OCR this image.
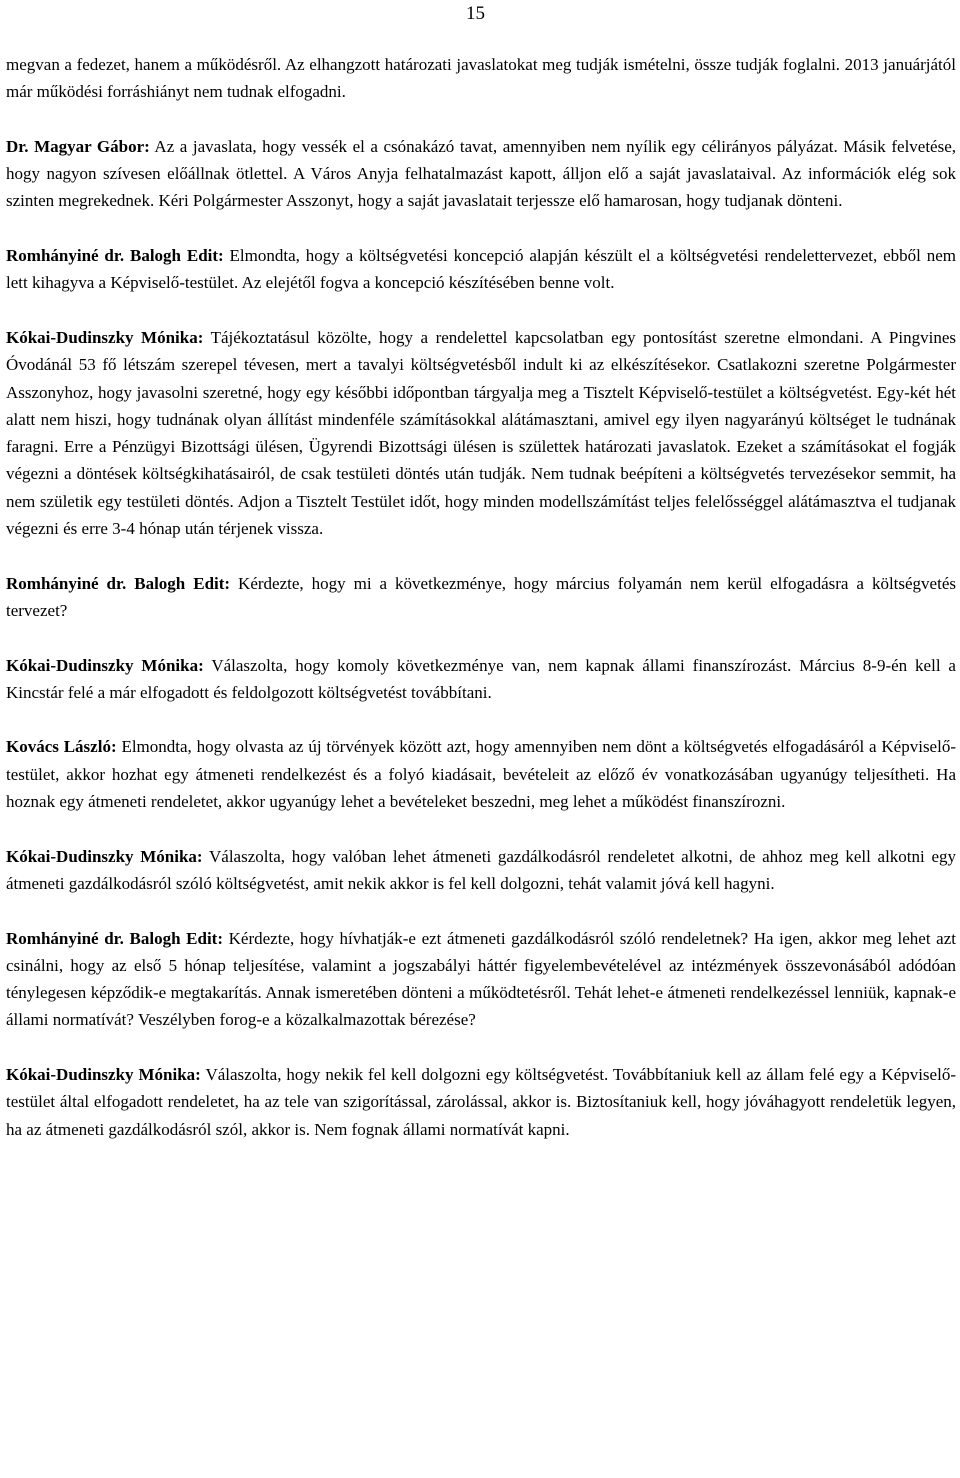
15

megvan a fedezet, hanem a működésről. Az elhangzott határozati javaslatokat meg tudják ismételni, össze tudják foglalni. 2013 januárjától már működési forráshiányt nem tudnak elfogadni.

Dr. Magyar Gábor: Az a javaslata, hogy vessék el a csónakázó tavat, amennyiben nem nyílik egy célirányos pályázat. Másik felvetése, hogy nagyon szívesen előállnak ötlettel. A Város Anyja felhatalmazást kapott, álljon elő a saját javaslataival. Az információk elég sok szinten megrekednek. Kéri Polgármester Asszonyt, hogy a saját javaslatait terjessze elő hamarosan, hogy tudjanak dönteni.

Romhányiné dr. Balogh Edit: Elmondta, hogy a költségvetési koncepció alapján készült el a költségvetési rendelettervezet, ebből nem lett kihagyva a Képviselő-testület. Az elejétől fogva a koncepció készítésében benne volt.

Kókai-Dudinszky Mónika: Tájékoztatásul közölte, hogy a rendelettel kapcsolatban egy pontosítást szeretne elmondani. A Pingvines Óvodánál 53 fő létszám szerepel tévesen, mert a tavalyi költségvetésből indult ki az elkészítésekor. Csatlakozni szeretne Polgármester Asszonyhoz, hogy javasolni szeretné, hogy egy későbbi időpontban tárgyalja meg a Tisztelt Képviselő-testület a költségvetést. Egy-két hét alatt nem hiszi, hogy tudnának olyan állítást mindenféle számításokkal alátámasztani, amivel egy ilyen nagyarányú költséget le tudnának faragni. Erre a Pénzügyi Bizottsági ülésen, Ügyrendi Bizottsági ülésen is születtek határozati javaslatok. Ezeket a számításokat el fogják végezni a döntések költségkihatásairól, de csak testületi döntés után tudják. Nem tudnak beépíteni a költségvetés tervezésekor semmit, ha nem születik egy testületi döntés. Adjon a Tisztelt Testület időt, hogy minden modellszámítást teljes felelősséggel alátámasztva el tudjanak végezni és erre 3-4 hónap után térjenek vissza.

Romhányiné dr. Balogh Edit: Kérdezte, hogy mi a következménye, hogy március folyamán nem kerül elfogadásra a költségvetés tervezet?

Kókai-Dudinszky Mónika: Válaszolta, hogy komoly következménye van, nem kapnak állami finanszírozást. Március 8-9-én kell a Kincstár felé a már elfogadott és feldolgozott költségvetést továbbítani.

Kovács László: Elmondta, hogy olvasta az új törvények között azt, hogy amennyiben nem dönt a költségvetés elfogadásáról a Képviselő-testület, akkor hozhat egy átmeneti rendelkezést és a folyó kiadásait, bevételeit az előző év vonatkozásában ugyanúgy teljesítheti. Ha hoznak egy átmeneti rendeletet, akkor ugyanúgy lehet a bevételeket beszedni, meg lehet a működést finanszírozni.

Kókai-Dudinszky Mónika: Válaszolta, hogy valóban lehet átmeneti gazdálkodásról rendeletet alkotni, de ahhoz meg kell alkotni egy átmeneti gazdálkodásról szóló költségvetést, amit nekik akkor is fel kell dolgozni, tehát valamit jóvá kell hagyni.

Romhányiné dr. Balogh Edit: Kérdezte, hogy hívhatják-e ezt átmeneti gazdálkodásról szóló rendeletnek? Ha igen, akkor meg lehet azt csinálni, hogy az első 5 hónap teljesítése, valamint a jogszabályi háttér figyelembevételével az intézmények összevonásából adódóan ténylegesen képződik-e megtakarítás. Annak ismeretében dönteni a működtetésről. Tehát lehet-e átmeneti rendelkezéssel lenniük, kapnak-e állami normatívát? Veszélyben forog-e a közalkalmazottak bérezése?

Kókai-Dudinszky Mónika: Válaszolta, hogy nekik fel kell dolgozni egy költségvetést. Továbbítaniuk kell az állam felé egy a Képviselő-testület által elfogadott rendeletet, ha az tele van szigorítással, zárolással, akkor is. Biztosítaniuk kell, hogy jóváhagyott rendeletük legyen, ha az átmeneti gazdálkodásról szól, akkor is. Nem fognak állami normatívát kapni.
